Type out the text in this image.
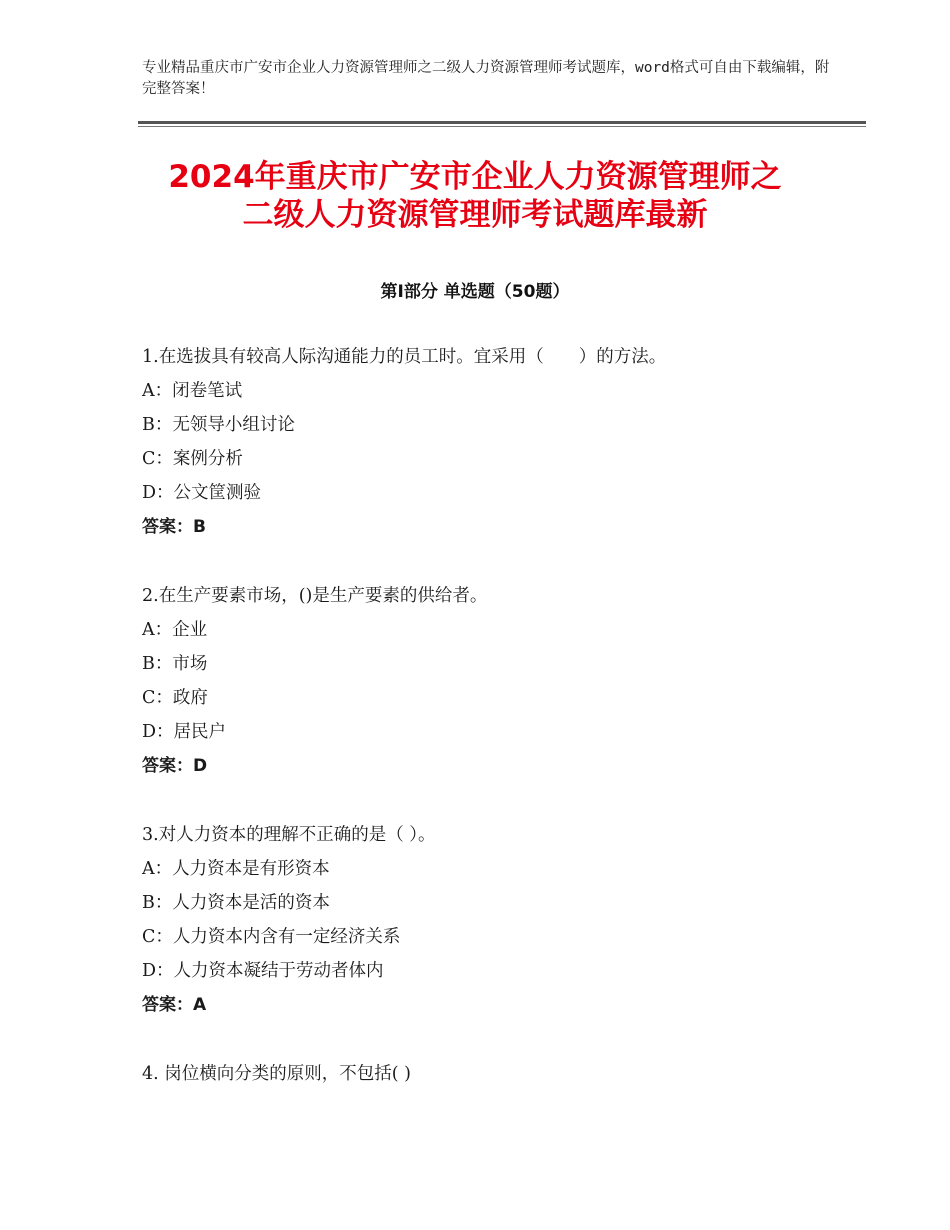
专业精品重庆市广安市企业人力资源管理师之二级人力资源管理师考试题库，word格式可自由下载编辑，附完整答案！
2024年重庆市广安市企业人力资源管理师之
二级人力资源管理师考试题库最新
第Ⅰ部分 单选题（50题）
1.在选拔具有较高人际沟通能力的员工时。宜采用（　　）的方法。
A：闭卷笔试
B：无领导小组讨论
C：案例分析
D：公文筐测验
答案：B
2.在生产要素市场，()是生产要素的供给者。
A：企业
B：市场
C：政府
D：居民户
答案：D
3.对人力资本的理解不正确的是（ ）。
A：人力资本是有形资本
B：人力资本是活的资本
C：人力资本内含有一定经济关系
D：人力资本凝结于劳动者体内
答案：A
4. 岗位横向分类的原则，不包括( )
